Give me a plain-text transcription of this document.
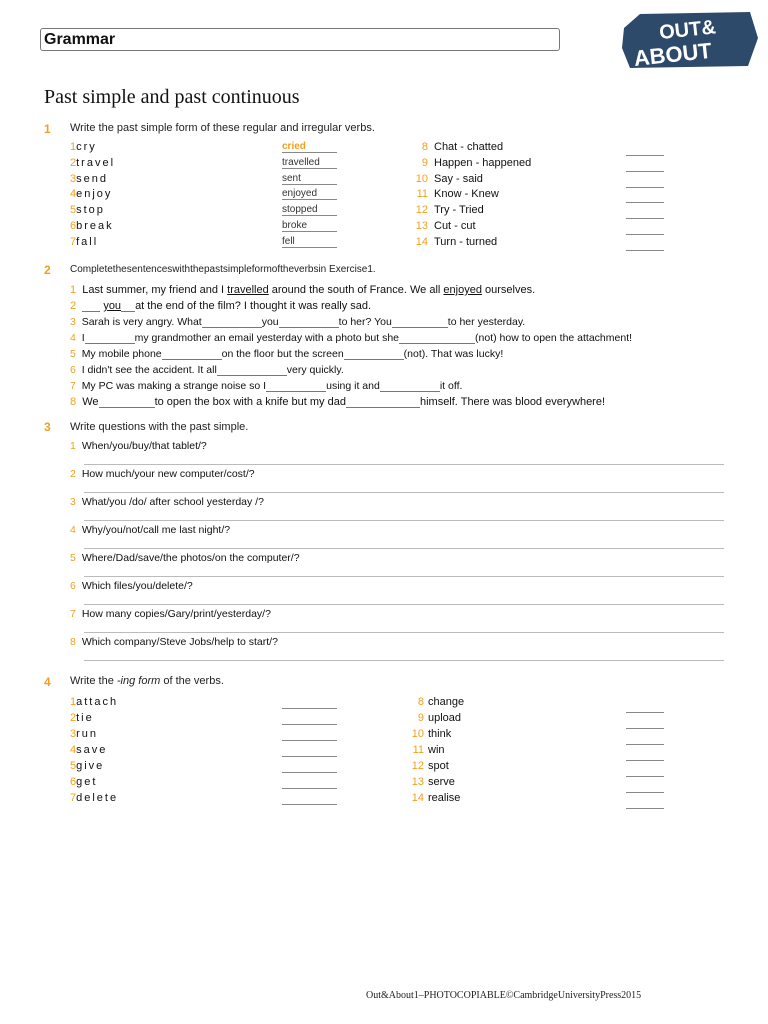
Grammar	OUT&
ABOUT
Past simple and past continuous
1 Write the past simple form of these regular and irregular verbs.
1cry	cried
2travel	travelled
3send	sent
4enjoy	enjoyed
5stop	stopped
6break	broke
7fall	fell
8 Chat - chatted
9 Happen - happened
10 Say - said
11 Know - Knew
12 Try - Tried
13 Cut - cut
14 Turn - turned
2 Completethesentenceswiththepastsimpleformoftheverbsin Exercise1.
1 Last summer, my friend and I travelled around the south of France. We all enjoyed ourselves.
2 you at the end of the film? I thought it was really sad.
3 Sarah is very angry. What	you	to her? You	to her yesterday.
4 I	my grandmother an email yesterday with a photo but she	(not) how to open the attachment!
5 My mobile phone	on the floor but the screen	(not). That was lucky!
6 I didn't see the accident. It all	very quickly.
7 My PC was making a strange noise so I	using it and	it off.
8 We	to open the box with a knife but my dad	himself. There was blood everywhere!
3 Write questions with the past simple.
1 When/you/buy/that tablet/?
2 How much/your new computer/cost/?
3 What/you /do/ after school yesterday /?
4 Why/you/not/call me last night/?
5 Where/Dad/save/the photos/on the computer/?
6 Which files/you/delete/?
7 How many copies/Gary/print/yesterday/?
8 Which company/Steve Jobs/help to start/?
4 Write the -ing form of the verbs.
1attach
2tie
3run
4save
5give
6get
7delete
8 change
9 upload
10 think
11 win
12 spot
13 serve
14 realise
Out&About1–PHOTOCOPIABLE©CambridgeUniversityPress2015
